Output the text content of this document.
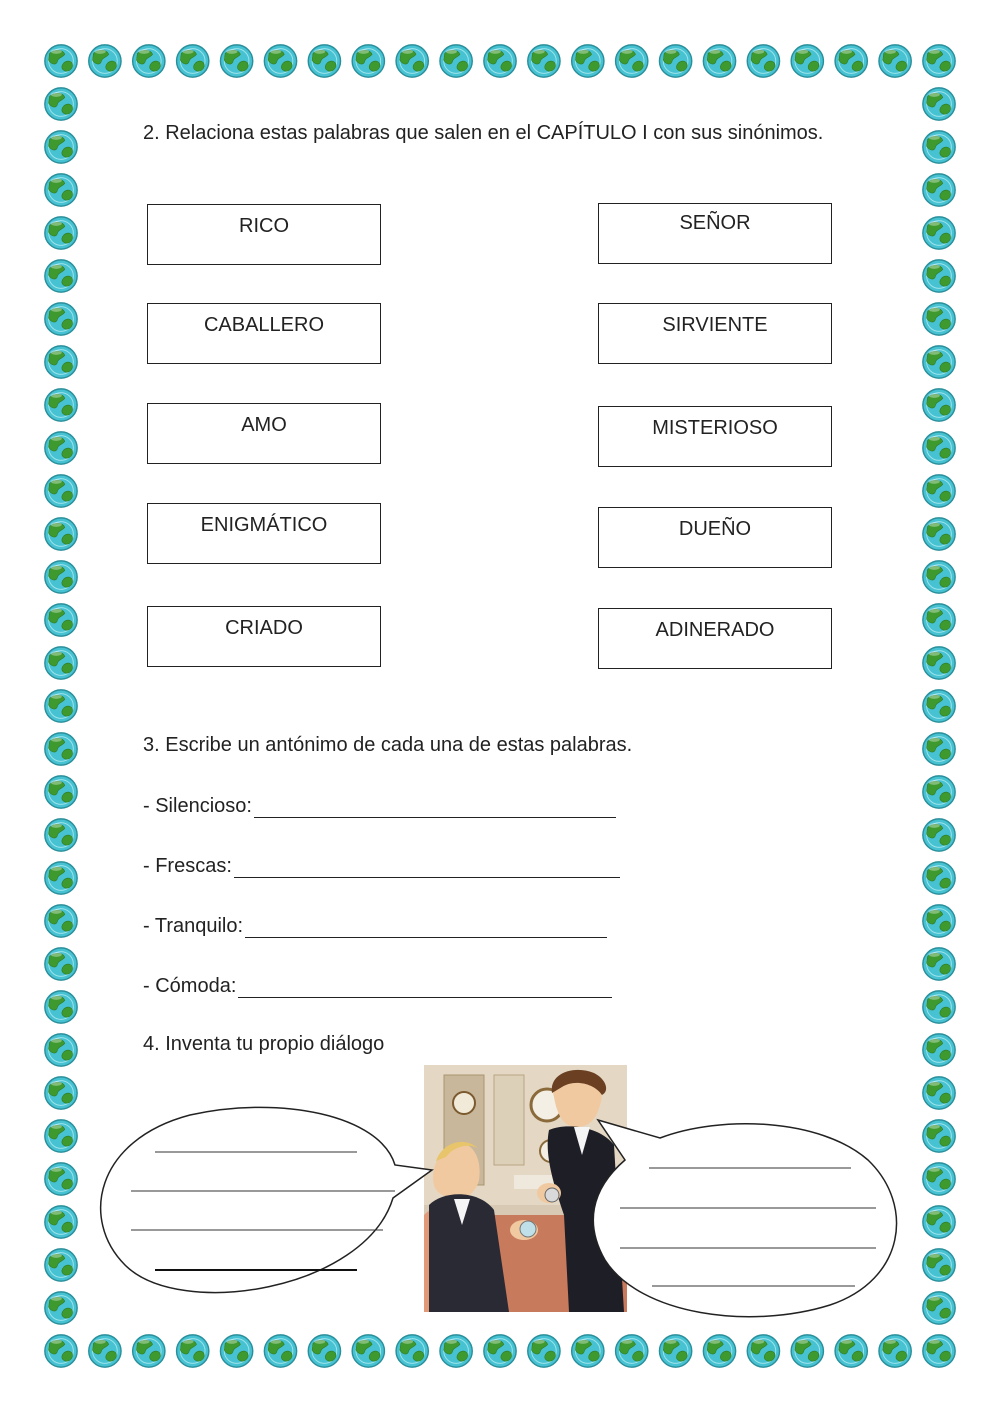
2. Relaciona estas palabras que salen en el CAPÍTULO I con sus sinónimos.
RICO
CABALLERO
AMO
ENIGMÁTICO
CRIADO
SEÑOR
SIRVIENTE
MISTERIOSO
DUEÑO
ADINERADO
3. Escribe un antónimo de cada una de estas palabras.
- Silencioso:
- Frescas:
- Tranquilo:
- Cómoda:
4. Inventa tu propio diálogo
